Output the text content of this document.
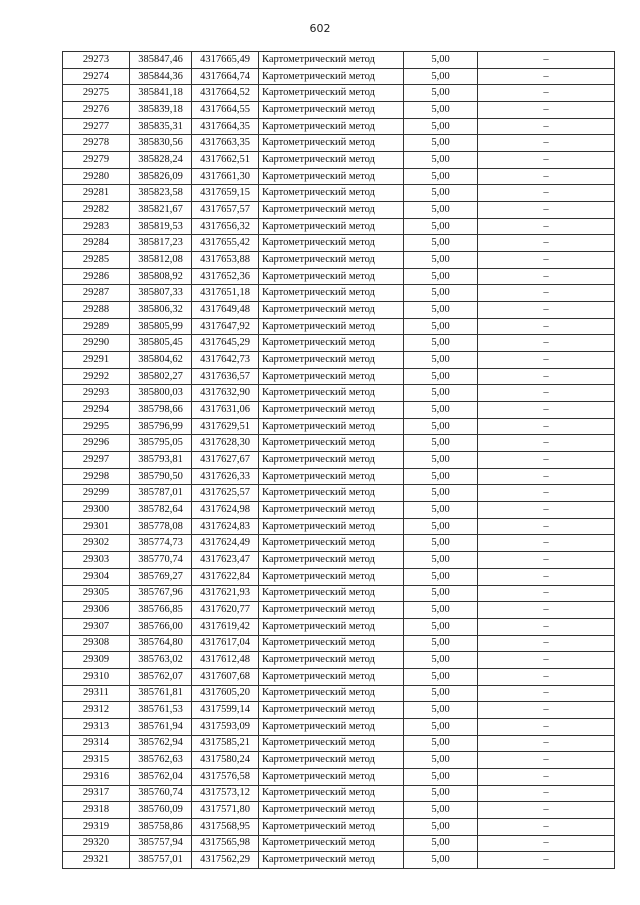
602
29273	385847,46	4317665,49	Картометрический метод	5,00	–
29274	385844,36	4317664,74	Картометрический метод	5,00	–
29275	385841,18	4317664,52	Картометрический метод	5,00	–
29276	385839,18	4317664,55	Картометрический метод	5,00	–
29277	385835,31	4317664,35	Картометрический метод	5,00	–
29278	385830,56	4317663,35	Картометрический метод	5,00	–
29279	385828,24	4317662,51	Картометрический метод	5,00	–
29280	385826,09	4317661,30	Картометрический метод	5,00	–
29281	385823,58	4317659,15	Картометрический метод	5,00	–
29282	385821,67	4317657,57	Картометрический метод	5,00	–
29283	385819,53	4317656,32	Картометрический метод	5,00	–
29284	385817,23	4317655,42	Картометрический метод	5,00	–
29285	385812,08	4317653,88	Картометрический метод	5,00	–
29286	385808,92	4317652,36	Картометрический метод	5,00	–
29287	385807,33	4317651,18	Картометрический метод	5,00	–
29288	385806,32	4317649,48	Картометрический метод	5,00	–
29289	385805,99	4317647,92	Картометрический метод	5,00	–
29290	385805,45	4317645,29	Картометрический метод	5,00	–
29291	385804,62	4317642,73	Картометрический метод	5,00	–
29292	385802,27	4317636,57	Картометрический метод	5,00	–
29293	385800,03	4317632,90	Картометрический метод	5,00	–
29294	385798,66	4317631,06	Картометрический метод	5,00	–
29295	385796,99	4317629,51	Картометрический метод	5,00	–
29296	385795,05	4317628,30	Картометрический метод	5,00	–
29297	385793,81	4317627,67	Картометрический метод	5,00	–
29298	385790,50	4317626,33	Картометрический метод	5,00	–
29299	385787,01	4317625,57	Картометрический метод	5,00	–
29300	385782,64	4317624,98	Картометрический метод	5,00	–
29301	385778,08	4317624,83	Картометрический метод	5,00	–
29302	385774,73	4317624,49	Картометрический метод	5,00	–
29303	385770,74	4317623,47	Картометрический метод	5,00	–
29304	385769,27	4317622,84	Картометрический метод	5,00	–
29305	385767,96	4317621,93	Картометрический метод	5,00	–
29306	385766,85	4317620,77	Картометрический метод	5,00	–
29307	385766,00	4317619,42	Картометрический метод	5,00	–
29308	385764,80	4317617,04	Картометрический метод	5,00	–
29309	385763,02	4317612,48	Картометрический метод	5,00	–
29310	385762,07	4317607,68	Картометрический метод	5,00	–
29311	385761,81	4317605,20	Картометрический метод	5,00	–
29312	385761,53	4317599,14	Картометрический метод	5,00	–
29313	385761,94	4317593,09	Картометрический метод	5,00	–
29314	385762,94	4317585,21	Картометрический метод	5,00	–
29315	385762,63	4317580,24	Картометрический метод	5,00	–
29316	385762,04	4317576,58	Картометрический метод	5,00	–
29317	385760,74	4317573,12	Картометрический метод	5,00	–
29318	385760,09	4317571,80	Картометрический метод	5,00	–
29319	385758,86	4317568,95	Картометрический метод	5,00	–
29320	385757,94	4317565,98	Картометрический метод	5,00	–
29321	385757,01	4317562,29	Картометрический метод	5,00	–
